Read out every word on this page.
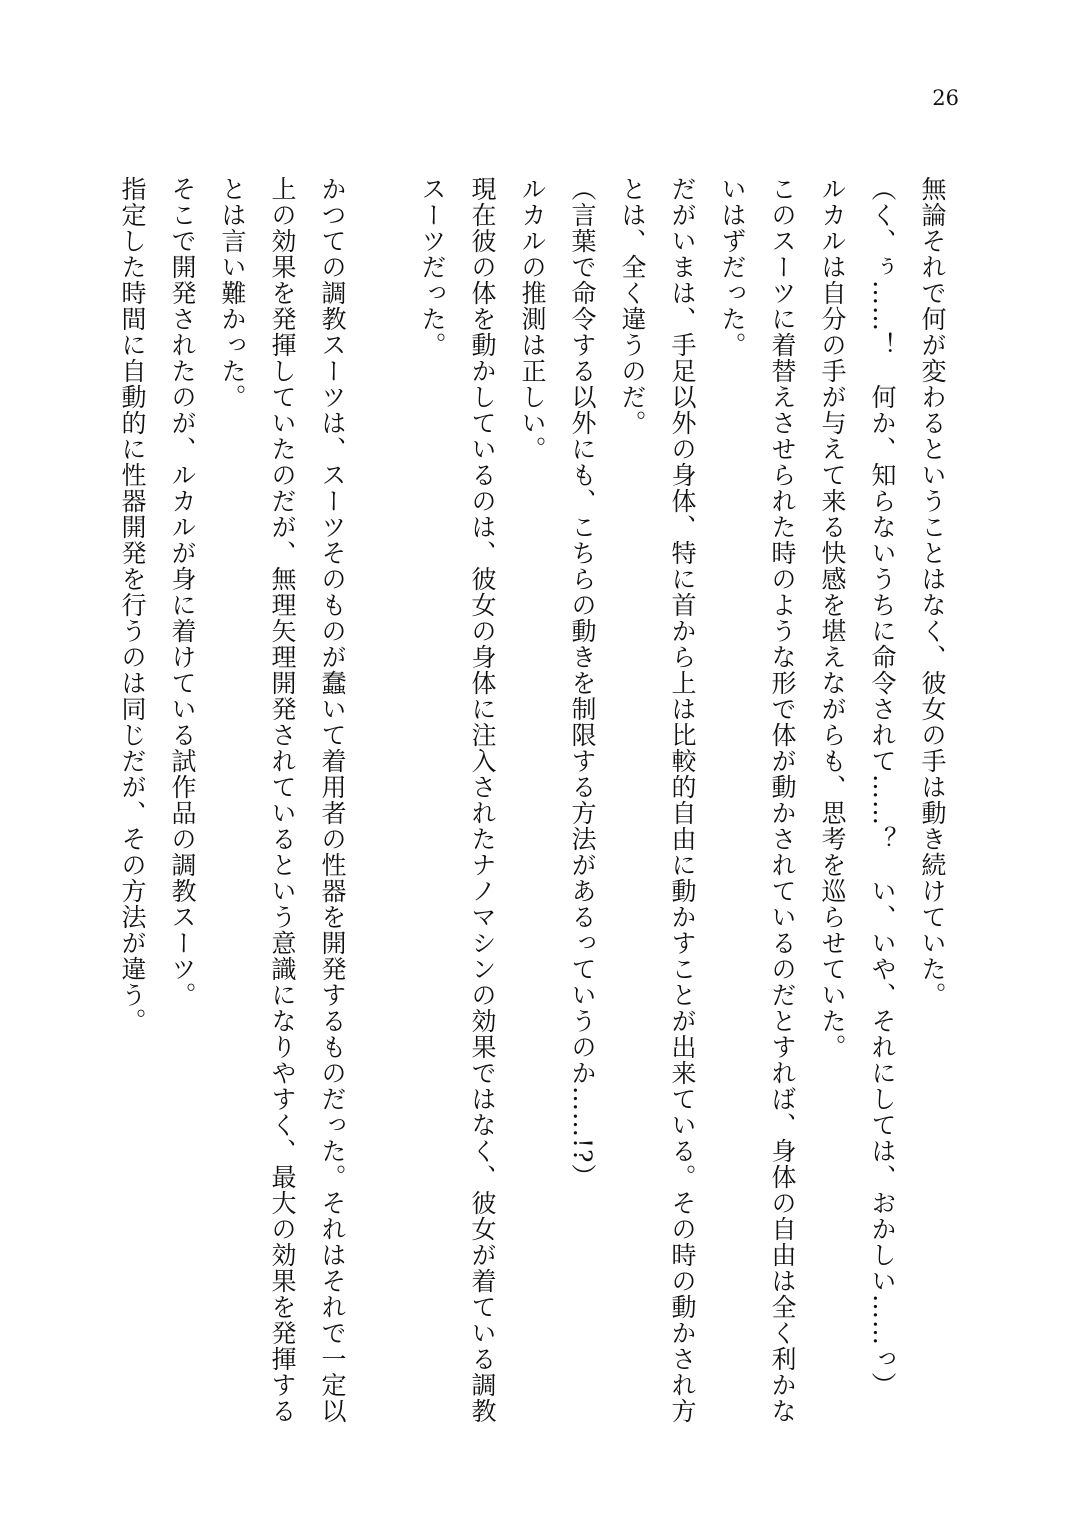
26

無論それで何が変わるということはなく、彼女の手は動き続けていた。

（く、ぅ……！　何か、知らないうちに命令されて……？　い、いや、それにしては、おかしい……っ）

ルカルは自分の手が与えて来る快感を堪えながらも、思考を巡らせていた。

このスーツに着替えさせられた時のような形で体が動かされているのだとすれば、身体の自由は全く利かないはずだった。

だがいまは、手足以外の身体、特に首から上は比較的自由に動かすことが出来ている。その時の動かされ方とは、全く違うのだ。

（言葉で命令する以外にも、こちらの動きを制限する方法があるっていうのか……!?）

ルカルの推測は正しい。

現在彼の体を動かしているのは、彼女の身体に注入されたナノマシンの効果ではなく、彼女が着ている調教スーツだった。

かつての調教スーツは、スーツそのものが蠢いて着用者の性器を開発するものだった。それはそれで一定以上の効果を発揮していたのだが、無理矢理開発されているという意識になりやすく、最大の効果を発揮するとは言い難かった。

そこで開発されたのが、ルカルが身に着けている試作品の調教スーツ。

指定した時間に自動的に性器開発を行うのは同じだが、その方法が違う。
